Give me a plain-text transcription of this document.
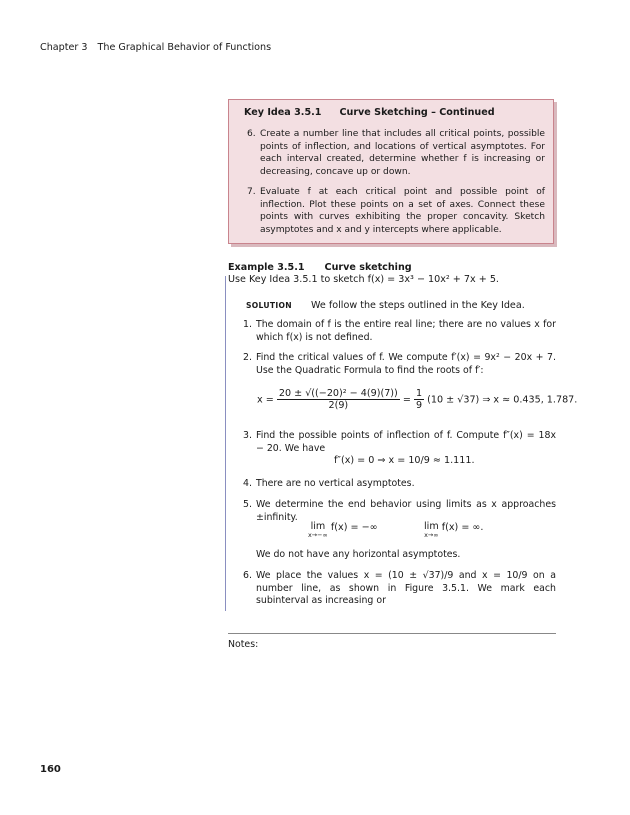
Chapter 3 The Graphical Behavior of Functions
Key Idea 3.5.1 Curve Sketching – Continued
6. Create a number line that includes all critical points, possible points of inflection, and locations of vertical asymptotes. For each interval created, determine whether f is increasing or decreasing, concave up or down.
7. Evaluate f at each critical point and possible point of inflection. Plot these points on a set of axes. Connect these points with curves exhibiting the proper concavity. Sketch asymptotes and x and y intercepts where applicable.
Example 3.5.1 Curve sketching
Use Key Idea 3.5.1 to sketch f(x) = 3x³ − 10x² + 7x + 5.
SOLUTION We follow the steps outlined in the Key Idea.
1. The domain of f is the entire real line; there are no values x for which f(x) is not defined.
2. Find the critical values of f. We compute f′(x) = 9x² − 20x + 7. Use the Quadratic Formula to find the roots of f′:
$x = \frac{\text{20 ± √((−20)² − 4(9)(7))}}{2(9)} = \frac{1}{9} (10 \pm √37)$ ⇒ x ≈ 0.435, 1.787.
3. Find the possible points of inflection of f. Compute f″(x) = 18x − 20. We have
f″(x) = 0 ⇒ x = 10/9 ≈ 1.111.
4. There are no vertical asymptotes.
5. We determine the end behavior using limits as x approaches ±infinity.
lim
x→−∞
f(x) = −∞	lim
x→∞
f(x) = ∞.
We do not have any horizontal asymptotes.
6. We place the values x = (10 ± √37)/9 and x = 10/9 on a number line, as shown in Figure 3.5.1. We mark each subinterval as increasing or
Notes:
160
